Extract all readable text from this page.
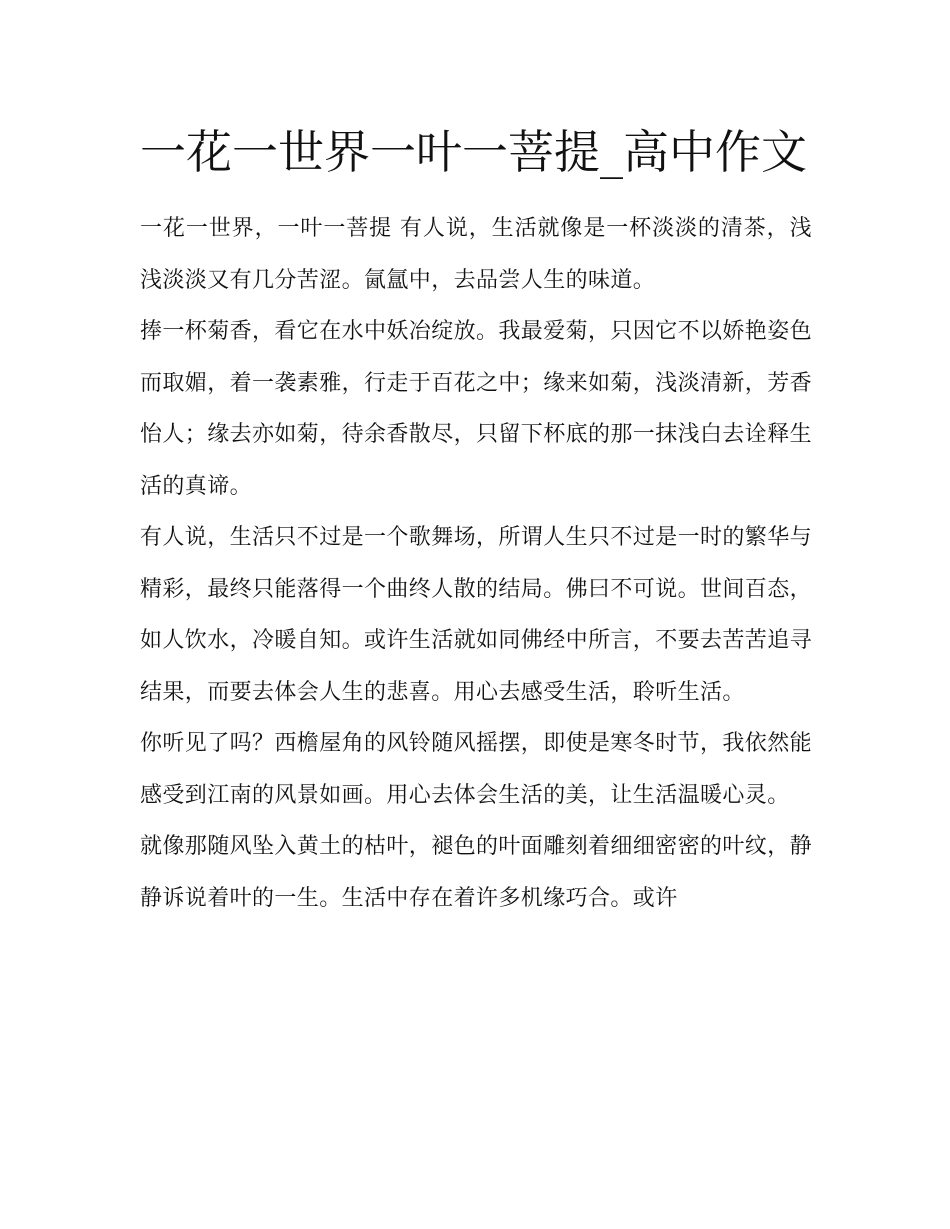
一花一世界一叶一菩提_高中作文

一花一世界，一叶一菩提 有人说，生活就像是一杯淡淡的清茶，浅浅淡淡又有几分苦涩。氤氲中，去品尝人生的味道。

捧一杯菊香，看它在水中妖冶绽放。我最爱菊，只因它不以娇艳姿色而取媚，着一袭素雅，行走于百花之中；缘来如菊，浅淡清新，芳香怡人；缘去亦如菊，待余香散尽，只留下杯底的那一抹浅白去诠释生活的真谛。

有人说，生活只不过是一个歌舞场，所谓人生只不过是一时的繁华与精彩，最终只能落得一个曲终人散的结局。佛曰不可说。世间百态，如人饮水，冷暖自知。或许生活就如同佛经中所言，不要去苦苦追寻结果，而要去体会人生的悲喜。用心去感受生活，聆听生活。

你听见了吗？西檐屋角的风铃随风摇摆，即使是寒冬时节，我依然能感受到江南的风景如画。用心去体会生活的美，让生活温暖心灵。

就像那随风坠入黄土的枯叶，褪色的叶面雕刻着细细密密的叶纹，静静诉说着叶的一生。生活中存在着许多机缘巧合。或许
